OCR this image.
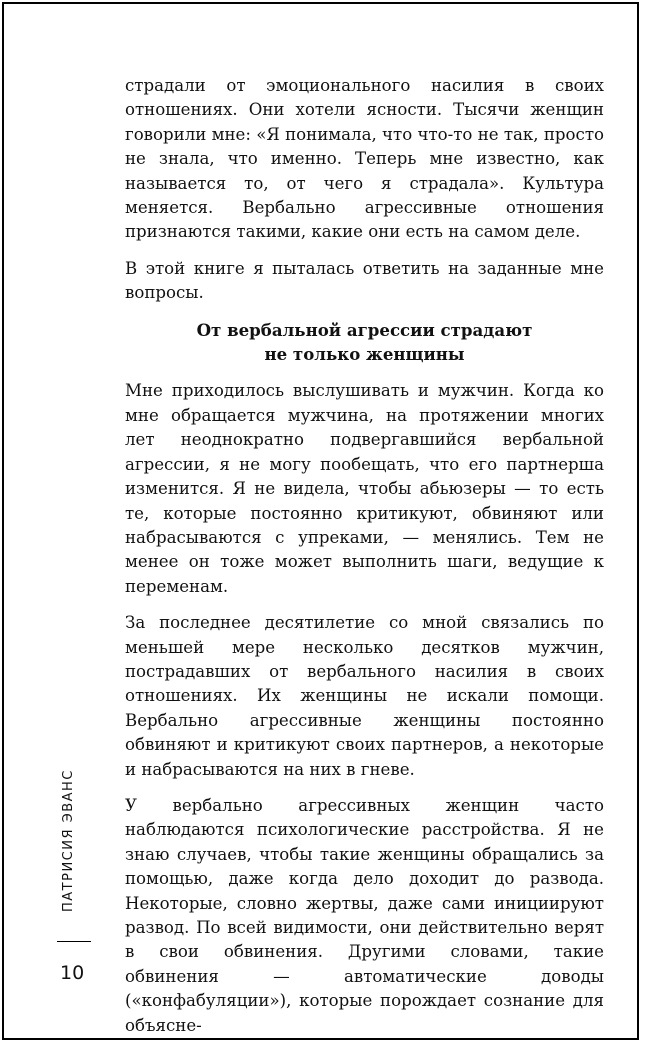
страдали от эмоционального насилия в своих отношениях. Они хотели ясности. Тысячи женщин говорили мне: «Я понимала, что что-то не так, просто не знала, что именно. Теперь мне известно, как называется то, от чего я страдала». Культура меняется. Вербально агрессивные отношения признаются такими, какие они есть на самом деле.

В этой книге я пыталась ответить на заданные мне вопросы.

От вербальной агрессии страдают
не только женщины

Мне приходилось выслушивать и мужчин. Когда ко мне обращается мужчина, на протяжении многих лет неоднократно подвергавшийся вербальной агрессии, я не могу пообещать, что его партнерша изменится. Я не видела, чтобы абьюзеры — то есть те, которые постоянно критикуют, обвиняют или набрасываются с упреками, — менялись. Тем не менее он тоже может выполнить шаги, ведущие к переменам.

За последнее десятилетие со мной связались по меньшей мере несколько десятков мужчин, пострадавших от вербального насилия в своих отношениях. Их женщины не искали помощи. Вербально агрессивные женщины постоянно обвиняют и критикуют своих партнеров, а некоторые и набрасываются на них в гневе.

У вербально агрессивных женщин часто наблюдаются психологические расстройства. Я не знаю случаев, чтобы такие женщины обращались за помощью, даже когда дело доходит до развода. Некоторые, словно жертвы, даже сами инициируют развод. По всей видимости, они действительно верят в свои обвинения. Другими словами, такие обвинения — автоматические доводы («конфабуляции»), которые порождает сознание для объясне-

ПАТРИСИЯ ЭВАНС
10
